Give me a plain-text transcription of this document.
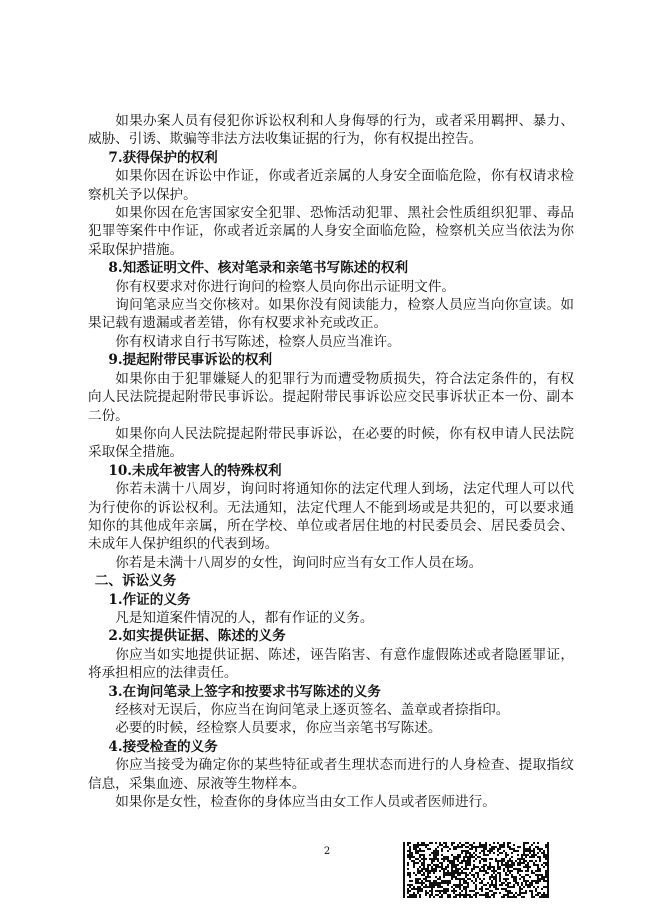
如果办案人员有侵犯你诉讼权利和人身侮辱的行为，或者采用羁押、暴力、威胁、引诱、欺骗等非法方法收集证据的行为，你有权提出控告。

7.获得保护的权利

如果你因在诉讼中作证，你或者近亲属的人身安全面临危险，你有权请求检察机关予以保护。

如果你因在危害国家安全犯罪、恐怖活动犯罪、黑社会性质组织犯罪、毒品犯罪等案件中作证，你或者近亲属的人身安全面临危险，检察机关应当依法为你采取保护措施。

8.知悉证明文件、核对笔录和亲笔书写陈述的权利

你有权要求对你进行询问的检察人员向你出示证明文件。

询问笔录应当交你核对。如果你没有阅读能力，检察人员应当向你宣读。如果记载有遗漏或者差错，你有权要求补充或改正。

你有权请求自行书写陈述，检察人员应当准许。

9.提起附带民事诉讼的权利

如果你由于犯罪嫌疑人的犯罪行为而遭受物质损失，符合法定条件的，有权向人民法院提起附带民事诉讼。提起附带民事诉讼应交民事诉状正本一份、副本二份。

如果你向人民法院提起附带民事诉讼，在必要的时候，你有权申请人民法院采取保全措施。

10.未成年被害人的特殊权利

你若未满十八周岁，询问时将通知你的法定代理人到场，法定代理人可以代为行使你的诉讼权利。无法通知，法定代理人不能到场或是共犯的，可以要求通知你的其他成年亲属，所在学校、单位或者居住地的村民委员会、居民委员会、未成年人保护组织的代表到场。

你若是未满十八周岁的女性，询问时应当有女工作人员在场。

二、诉讼义务

1.作证的义务

凡是知道案件情况的人，都有作证的义务。

2.如实提供证据、陈述的义务

你应当如实地提供证据、陈述，诬告陷害、有意作虚假陈述或者隐匿罪证，将承担相应的法律责任。

3.在询问笔录上签字和按要求书写陈述的义务

经核对无误后，你应当在询问笔录上逐页签名、盖章或者捺指印。

必要的时候，经检察人员要求，你应当亲笔书写陈述。

4.接受检查的义务

你应当接受为确定你的某些特征或者生理状态而进行的人身检查、提取指纹信息，采集血迹、尿液等生物样本。

如果你是女性，检查你的身体应当由女工作人员或者医师进行。

2
